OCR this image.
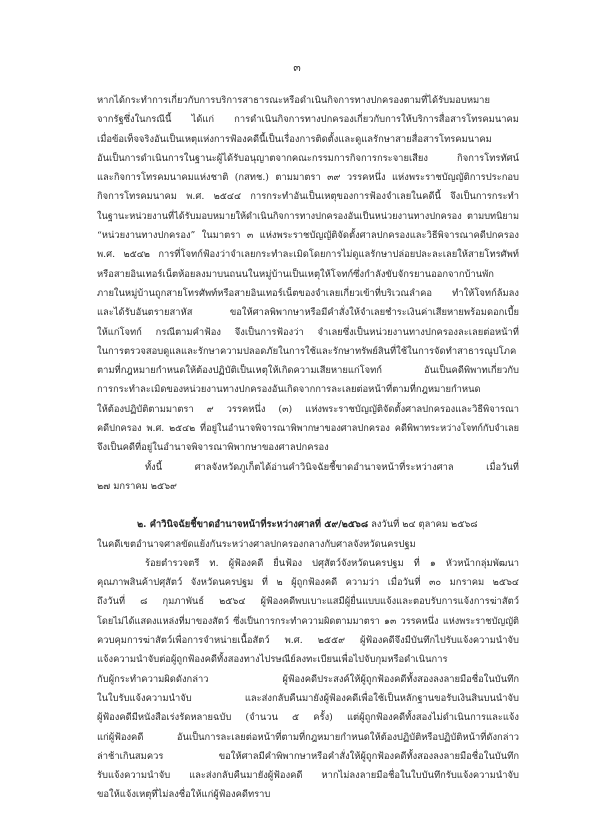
๓
หากได้กระทำการเกี่ยวกับการบริการสาธารณะหรือดำเนินกิจการทางปกครองตามที่ได้รับมอบหมาย
จากรัฐซึ่งในกรณีนี้ ได้แก่ การดำเนินกิจการทางปกครองเกี่ยวกับการให้บริการสื่อสารโทรคมนาคม
เมื่อข้อเท็จจริงอันเป็นเหตุแห่งการฟ้องคดีนี้เป็นเรื่องการติดตั้งและดูแลรักษาสายสื่อสารโทรคมนาคม
อันเป็นการดำเนินการในฐานะผู้ได้รับอนุญาตจากคณะกรรมการกิจการกระจายเสียง กิจการโทรทัศน์
และกิจการโทรคมนาคมแห่งชาติ (กสทช.) ตามมาตรา ๓๙ วรรคหนึ่ง แห่งพระราชบัญญัติการประกอบ
กิจการโทรคมนาคม พ.ศ. ๒๕๔๔ การกระทำอันเป็นเหตุของการฟ้องจำเลยในคดีนี้ จึงเป็นการกระทำ
ในฐานะหน่วยงานที่ได้รับมอบหมายให้ดำเนินกิจการทางปกครองอันเป็นหน่วยงานทางปกครอง ตามบทนิยาม
“หน่วยงานทางปกครอง” ในมาตรา ๓ แห่งพระราชบัญญัติจัดตั้งศาลปกครองและวิธีพิจารณาคดีปกครอง
พ.ศ. ๒๕๔๒ การที่โจทก์ฟ้องว่าจำเลยกระทำละเมิดโดยการไม่ดูแลรักษาปล่อยปละละเลยให้สายโทรศัพท์
หรือสายอินเทอร์เน็ตห้อยลงมาบนถนนในหมู่บ้านเป็นเหตุให้โจทก์ซึ่งกำลังขับจักรยานออกจากบ้านพัก
ภายในหมู่บ้านถูกสายโทรศัพท์หรือสายอินเทอร์เน็ตของจำเลยเกี่ยวเข้าที่บริเวณลำคอ ทำให้โจทก์ล้มลง
และได้รับอันตรายสาหัส ขอให้ศาลพิพากษาหรือมีคำสั่งให้จำเลยชำระเงินค่าเสียหายพร้อมดอกเบี้ย
ให้แก่โจทก์ กรณีตามคำฟ้อง จึงเป็นการฟ้องว่า จำเลยซึ่งเป็นหน่วยงานทางปกครองละเลยต่อหน้าที่
ในการตรวจสอบดูแลและรักษาความปลอดภัยในการใช้และรักษาทรัพย์สินที่ใช้ในการจัดทำสาธารณูปโภค
ตามที่กฎหมายกำหนดให้ต้องปฏิบัติเป็นเหตุให้เกิดความเสียหายแก่โจทก์ อันเป็นคดีพิพาทเกี่ยวกับ
การกระทำละเมิดของหน่วยงานทางปกครองอันเกิดจากการละเลยต่อหน้าที่ตามที่กฎหมายกำหนด
ให้ต้องปฏิบัติตามมาตรา ๙ วรรคหนึ่ง (๓) แห่งพระราชบัญญัติจัดตั้งศาลปกครองและวิธีพิจารณา
คดีปกครอง พ.ศ. ๒๕๔๒ ที่อยู่ในอำนาจพิจารณาพิพากษาของศาลปกครอง คดีพิพาทระหว่างโจทก์กับจำเลย
จึงเป็นคดีที่อยู่ในอำนาจพิจารณาพิพากษาของศาลปกครอง
ทั้งนี้ ศาลจังหวัดภูเก็ตได้อ่านคำวินิจฉัยชี้ขาดอำนาจหน้าที่ระหว่างศาล เมื่อวันที่
๒๗ มกราคม ๒๕๖๙
๒. คำวินิจฉัยชี้ขาดอำนาจหน้าที่ระหว่างศาลที่ ๕๙/๒๕๖๘ ลงวันที่ ๒๔ ตุลาคม ๒๕๖๘
ในคดีเขตอำนาจศาลขัดแย้งกันระหว่างศาลปกครองกลางกับศาลจังหวัดนครปฐม
ร้อยตำรวจตรี ท. ผู้ฟ้องคดี ยื่นฟ้อง ปศุสัตว์จังหวัดนครปฐม ที่ ๑ หัวหน้ากลุ่มพัฒนา
คุณภาพสินค้าปศุสัตว์ จังหวัดนครปฐม ที่ ๒ ผู้ถูกฟ้องคดี ความว่า เมื่อวันที่ ๓๐ มกราคม ๒๕๖๔
ถึงวันที่ ๘ กุมภาพันธ์ ๒๕๖๔ ผู้ฟ้องคดีพบเบาะแสมีผู้ยื่นแบบแจ้งและตอบรับการแจ้งการฆ่าสัตว์
โดยไม่ได้แสดงแหล่งที่มาของสัตว์ ซึ่งเป็นการกระทำความผิดตามมาตรา ๑๓ วรรคหนึ่ง แห่งพระราชบัญญัติ
ควบคุมการฆ่าสัตว์เพื่อการจำหน่ายเนื้อสัตว์ พ.ศ. ๒๕๕๙ ผู้ฟ้องคดีจึงมีบันทึกไปรับแจ้งความนำจับ
แจ้งความนำจับต่อผู้ถูกฟ้องคดีทั้งสองทางไปรษณีย์ลงทะเบียนเพื่อไปจับกุมหรือดำเนินการ
กับผู้กระทำความผิดดังกล่าว ผู้ฟ้องคดีประสงค์ให้ผู้ถูกฟ้องคดีทั้งสองลงลายมือชื่อในบันทึก
ในใบรับแจ้งความนำจับ และส่งกลับคืนมายังผู้ฟ้องคดีเพื่อใช้เป็นหลักฐานขอรับเงินสินบนนำจับ
ผู้ฟ้องคดีมีหนังสือเร่งรัดหลายฉบับ (จำนวน ๕ ครั้ง) แต่ผู้ถูกฟ้องคดีทั้งสองไม่ดำเนินการและแจ้ง
แก่ผู้ฟ้องคดี อันเป็นการละเลยต่อหน้าที่ตามที่กฎหมายกำหนดให้ต้องปฏิบัติหรือปฏิบัติหน้าที่ดังกล่าว
ล่าช้าเกินสมควร ขอให้ศาลมีคำพิพากษาหรือคำสั่งให้ผู้ถูกฟ้องคดีทั้งสองลงลายมือชื่อในบันทึก
รับแจ้งความนำจับ และส่งกลับคืนมายังผู้ฟ้องคดี หากไม่ลงลายมือชื่อในใบบันทึกรับแจ้งความนำจับ
ขอให้แจ้งเหตุที่ไม่ลงชื่อให้แก่ผู้ฟ้องคดีทราบ
